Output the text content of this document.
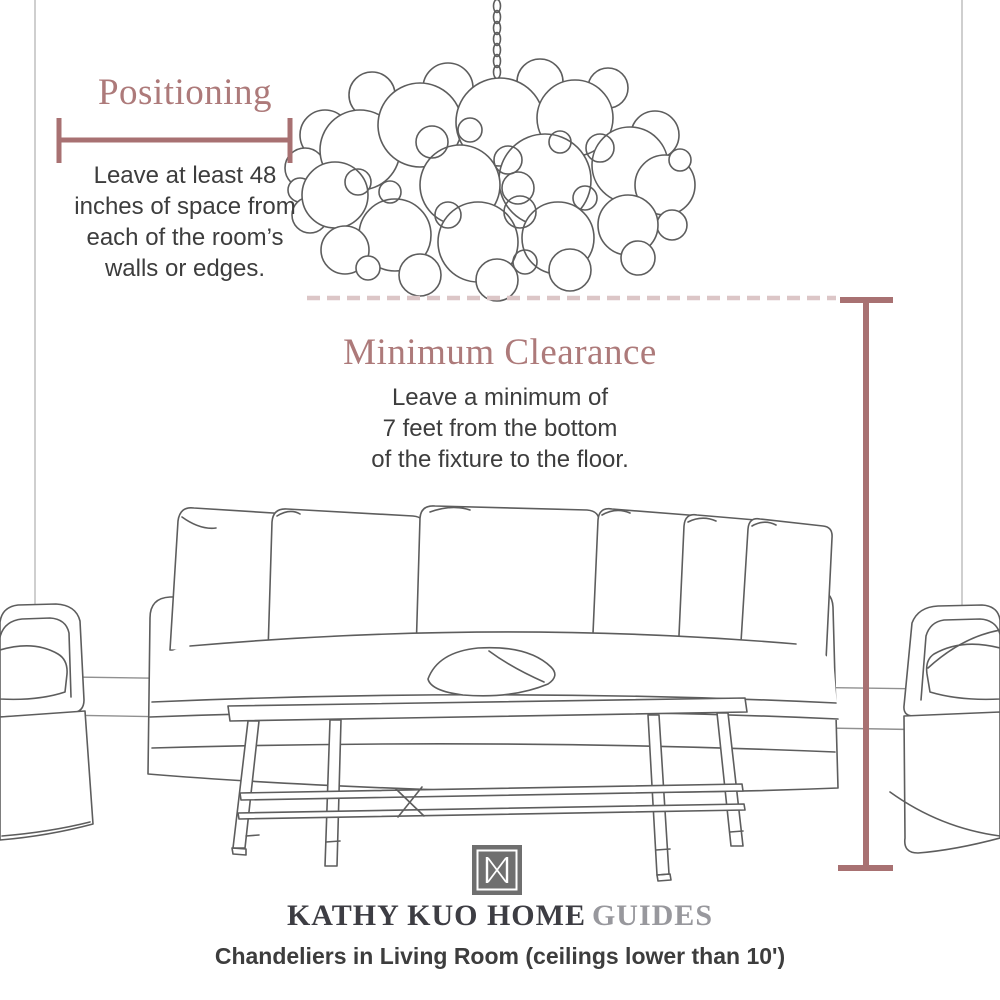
Positioning
Leave at least 48
inches of space from
each of the room’s
walls or edges.
Minimum Clearance
Leave a minimum of
7 feet from the bottom
of the fixture to the floor.
KATHY KUO HOME GUIDES
Chandeliers in Living Room (ceilings lower than 10')
